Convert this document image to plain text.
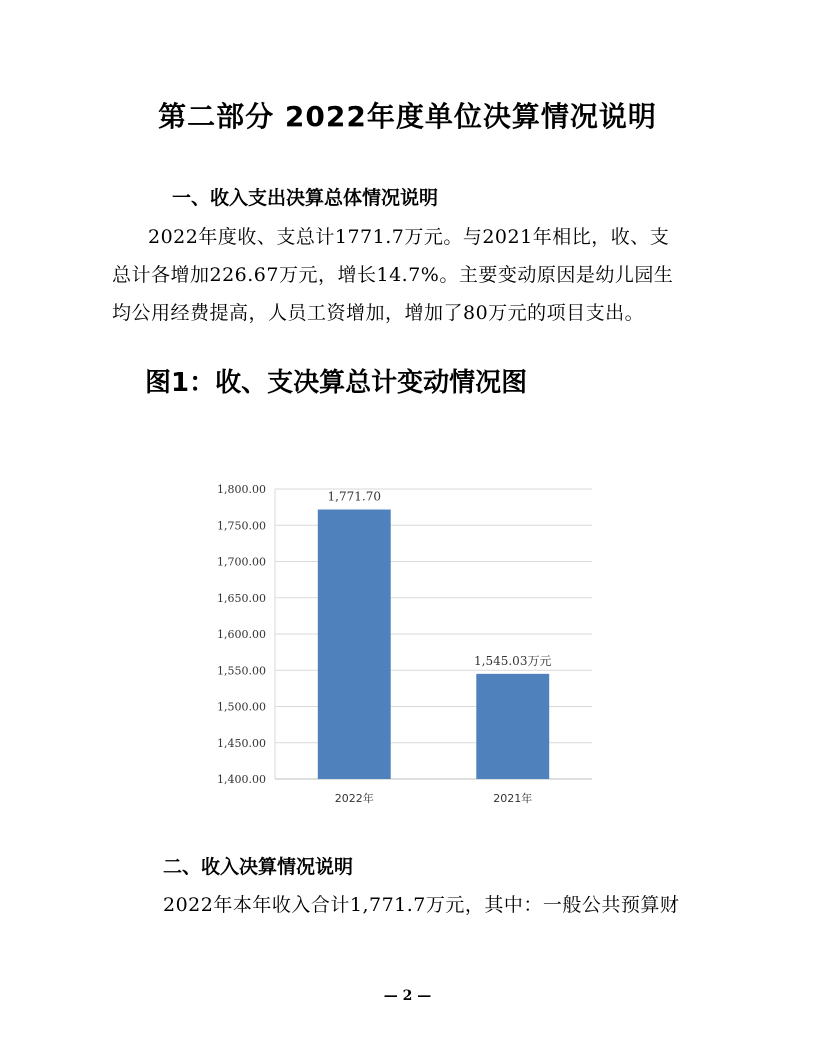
第二部分 2022年度单位决算情况说明
一、收入支出决算总体情况说明
2022年度收、支总计1771.7万元。与2021年相比，收、支
总计各增加226.67万元，增长14.7%。主要变动原因是幼儿园生
均公用经费提高，人员工资增加，增加了80万元的项目支出。
图1：收、支决算总计变动情况图
1,800.00
1,750.00
1,700.00
1,650.00
1,600.00
1,550.00
1,500.00
1,450.00
1,400.00
1,771.70
2022年
1,545.03万元
2021年
二、收入决算情况说明
2022年本年收入合计1,771.7万元，其中：一般公共预算财
— 2 —
